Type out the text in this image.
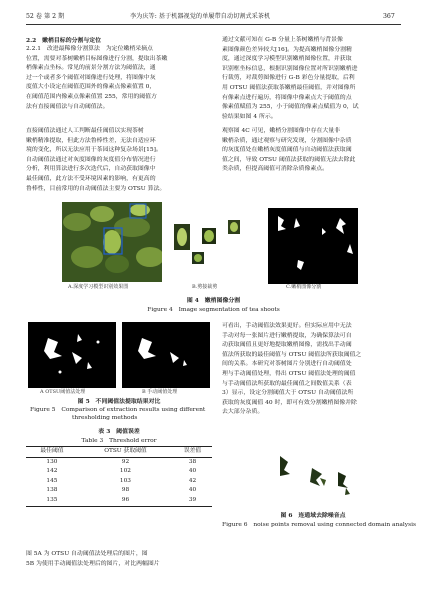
52 卷 第 2 期	李为庆等: 基于机器视觉的单履带自动切割式采茶机	367
2.2　嫩梢目标的分割与定位
2.2.1　改进最稀像分割算法　为定位嫩梢采摘点
位置，需要对茶树嫩梢目标图像进行分割，提取出茶嫩
梢像素点坐标。常见的前景分割方法为阈值法，通
过一个或者多个阈值对图像进行处理，将图像中灰
度值大小设定在阈值范围外的像素点像素值置 0，
在阈值范围内像素点像素值置 255，常用的阈值方
法有直接阈值法与自动阈值法。
直接阈值法通过人工判断最佳阈值以实现茶树
嫩梢精准提取，但此方法鲁棒性差，无法自适应环
境的变化，所以无法应用于茶园这种复杂场景[15]。
自动阈值法通过对灰度图像的灰度值分布情况进行
分析，利用算法进行多次迭代后，自动获取图像中
最佳阈值，此方法不受环境因素的影响，有更高的
鲁棒性，目前常用的自动阈值法主要为 OTSU 算法。
通过文献可知在 G-B 分量上茶树嫩梢与背景像
素图像颜色差异较大[16]。为提高嫩梢图像分割精
度，通过深度学习模型识别嫩梢图像位置，并获取
识别框坐标信息，根据识别图像位置对所识别嫩梢进
行裁剪，对裁剪图像进行 G-B 彩色分量提取，后利
用 OTSU 阈值法获取茶嫩梢最佳阈值，并对图像所
有像素点进行遍历，将图像中像素点大于阈值的点
像素值赋值为 255，小于阈值的像素点赋值为 0，试
验结果如图 4 所示。
观察图 4C 可见，嫩梢分割图像中存在大量非
嫩梢杂质，通过观察与研究发现，分割图像中杂质
的灰度值处在嫩梢灰度值阈值与自动阈值法获取阈
值之间，导致 OTSU 阈值法获取的阈值无法去除此
类杂质，但提高阈值可消除杂质像素点。
A.深度学习模型识别效果图	B.剪接裁剪	C.嫩梢图像分割
图 4　嫩梢图像分割
Figure 4　Image segmentation of tea shoots
A OTSU阈值法处理	B 手动阈值处理
图 5　不同阈值法提取结果对比
Figure 5　Comparison of extraction results using different
thresholding methods
表 3　阈值误差
Table 3　Threshold error
最佳阈值	OTSU 获取阈值	误差值
130	92	38
142	102	40
145	103	42
138	98	40
135	96	39
图 5A 为 OTSU 自动阈值法处理后的图片，图
5B 为使用手动阈值法处理后的图片，对比两幅图片
可看出，手动阈值法效果更好。但实际应用中无法
手动对每一张图片进行嫩梢提取，为确保算法可自
动获取阈值且更好地提取嫩梢图像，需找出手动阈
值法所获取的最佳阈值与 OTSU 阈值法所获取阈值之
间的关系。本研究对茶树图片分别进行自动阈值处
理与手动阈值处理，得出 OTSU 阈值法处理的阈值
与手动阈值法所获取的最佳阈值之间数值关系（表
3）显示，设定分割阈值大于 OTSU 自动阈值法所
获取的灰度阈值 40 时，即可有效分割嫩梢图像并除
去大部分杂质。
图 6　连通域去除噪音点
Figure 6　noise points removal using connected domain analysis
